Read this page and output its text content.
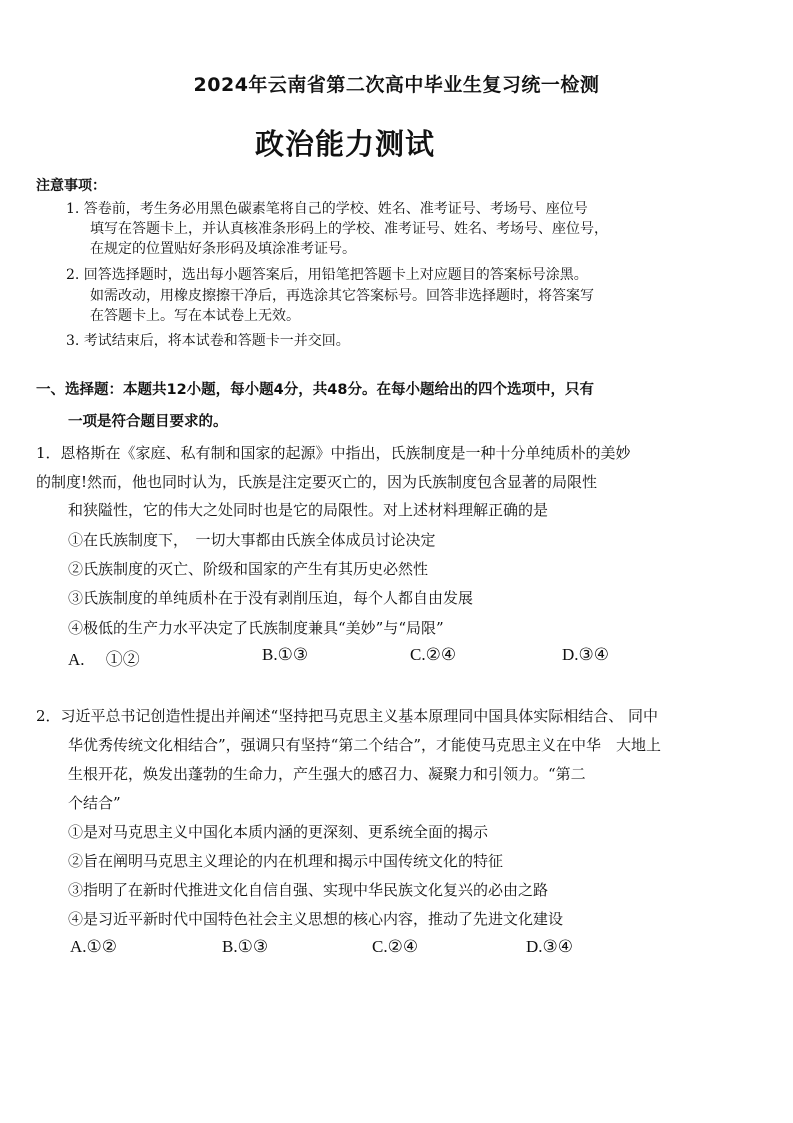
2024年云南省第二次高中毕业生复习统一检测
政治能力测试
注意事项：
1. 答卷前，考生务必用黑色碳素笔将自己的学校、姓名、准考证号、考场号、座位号
填写在答题卡上，并认真核准条形码上的学校、准考证号、姓名、考场号、座位号，
在规定的位置贴好条形码及填涂准考证号。
2. 回答选择题时，选出每小题答案后，用铅笔把答题卡上对应题目的答案标号涂黑。
如需改动，用橡皮擦擦干净后，再选涂其它答案标号。回答非选择题时，将答案写
在答题卡上。写在本试卷上无效。
3. 考试结束后，将本试卷和答题卡一并交回。
一、选择题：本题共12小题，每小题4分，共48分。在每小题给出的四个选项中，只有
一项是符合题目要求的。
1．恩格斯在《家庭、私有制和国家的起源》中指出，氏族制度是一种十分单纯质朴的美妙
的制度!然而，他也同时认为，氏族是注定要灭亡的，因为氏族制度包含显著的局限性
和狭隘性，它的伟大之处同时也是它的局限性。对上述材料理解正确的是
①在氏族制度下，　一切大事都由氏族全体成员讨论决定
②氏族制度的灭亡、阶级和国家的产生有其历史必然性
③氏族制度的单纯质朴在于没有剥削压迫，每个人都自由发展
④极低的生产力水平决定了氏族制度兼具“美妙”与“局限”
A.　 ①②	B.①③	C.②④	D.③④
2．习近平总书记创造性提出并阐述“坚持把马克思主义基本原理同中国具体实际相结合、 同中
华优秀传统文化相结合”，强调只有坚持“第二个结合”，才能使马克思主义在中华　大地上
生根开花，焕发出蓬勃的生命力，产生强大的感召力、凝聚力和引领力。“第二
个结合”
①是对马克思主义中国化本质内涵的更深刻、更系统全面的揭示
②旨在阐明马克思主义理论的内在机理和揭示中国传统文化的特征
③指明了在新时代推进文化自信自强、实现中华民族文化复兴的必由之路
④是习近平新时代中国特色社会主义思想的核心内容，推动了先进文化建设
A.①②	B.①③	C.②④	D.③④
